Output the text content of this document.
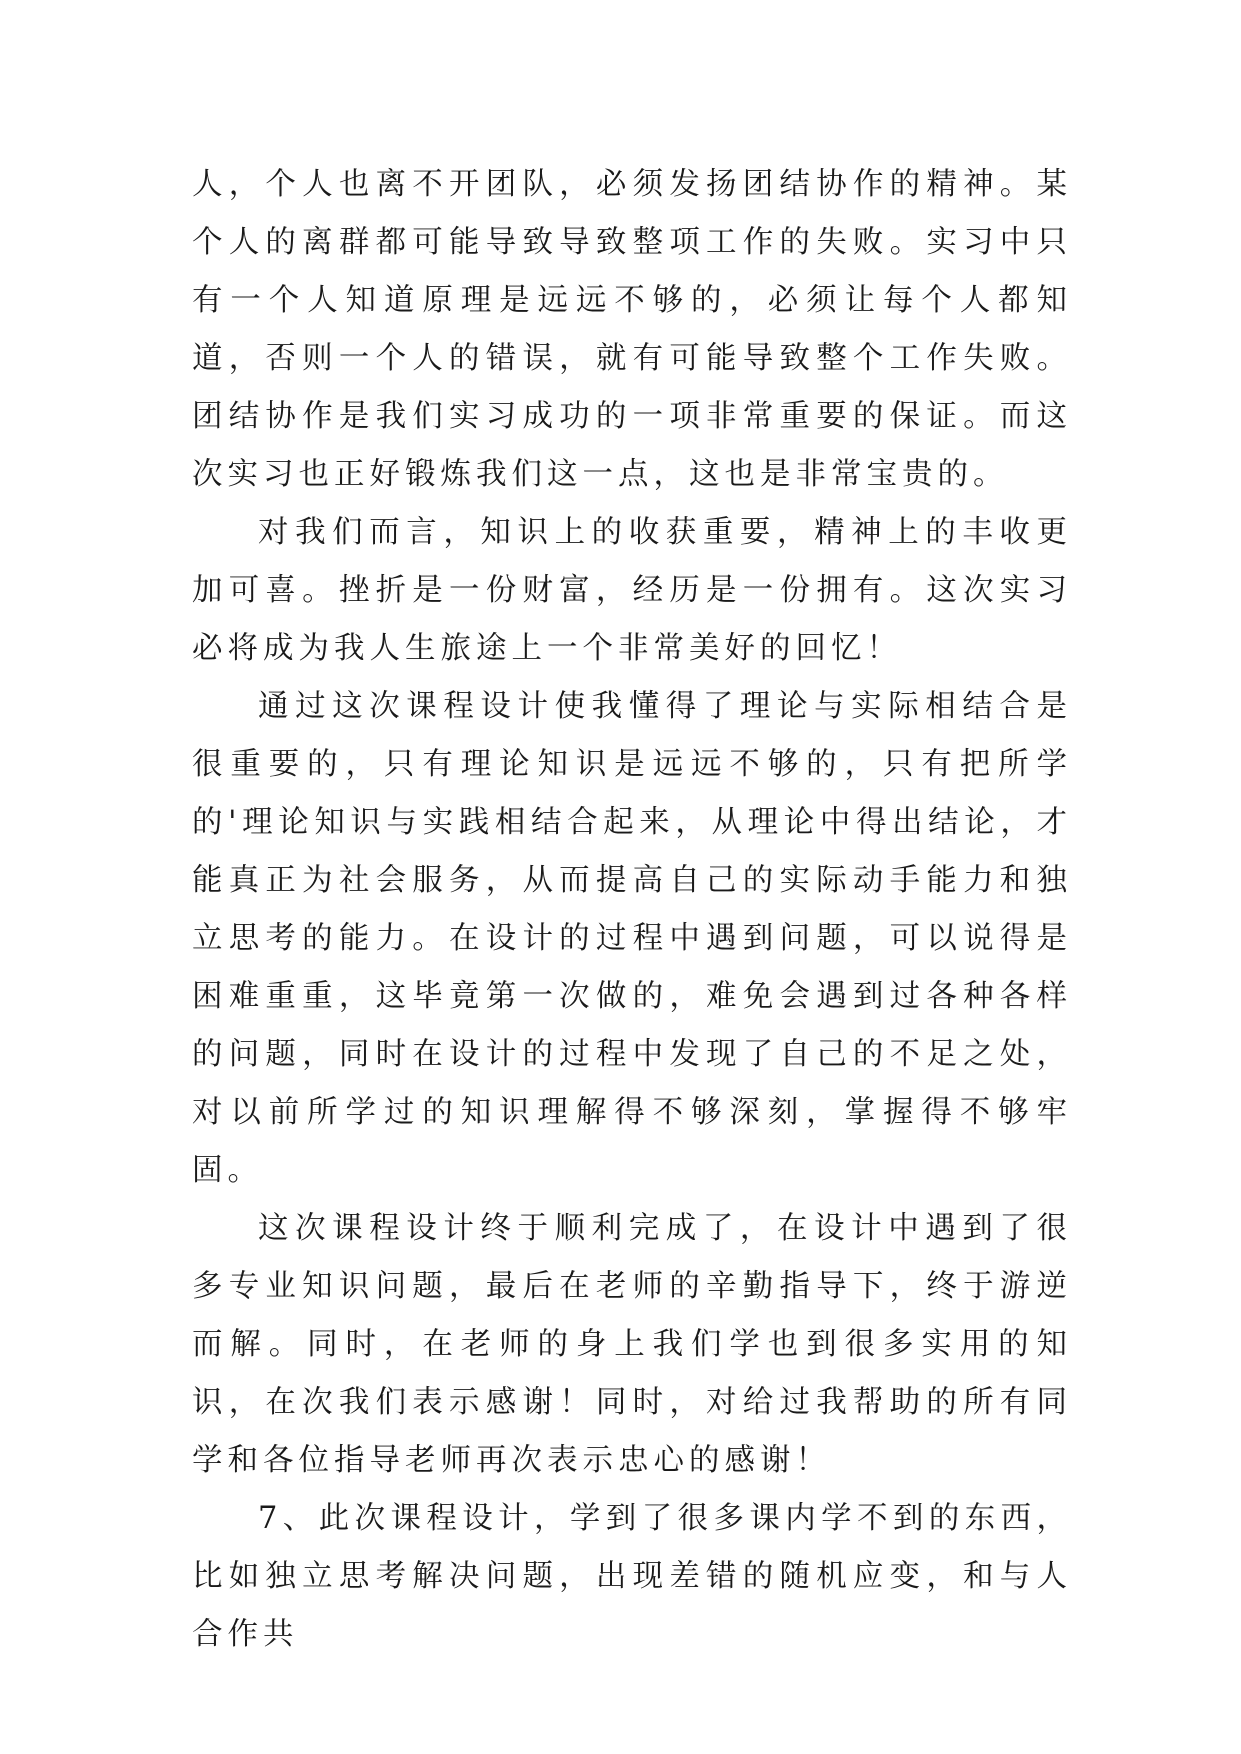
人，个人也离不开团队，必须发扬团结协作的精神。某个人的离群都可能导致导致整项工作的失败。实习中只有一个人知道原理是远远不够的，必须让每个人都知道，否则一个人的错误，就有可能导致整个工作失败。团结协作是我们实习成功的一项非常重要的保证。而这次实习也正好锻炼我们这一点，这也是非常宝贵的。

对我们而言，知识上的收获重要，精神上的丰收更加可喜。挫折是一份财富，经历是一份拥有。这次实习必将成为我人生旅途上一个非常美好的回忆！

通过这次课程设计使我懂得了理论与实际相结合是很重要的，只有理论知识是远远不够的，只有把所学的'理论知识与实践相结合起来，从理论中得出结论，才能真正为社会服务，从而提高自己的实际动手能力和独立思考的能力。在设计的过程中遇到问题，可以说得是困难重重，这毕竟第一次做的，难免会遇到过各种各样的问题，同时在设计的过程中发现了自己的不足之处，对以前所学过的知识理解得不够深刻，掌握得不够牢固。

这次课程设计终于顺利完成了，在设计中遇到了很多专业知识问题，最后在老师的辛勤指导下，终于游逆而解。同时，在老师的身上我们学也到很多实用的知识，在次我们表示感谢！同时，对给过我帮助的所有同学和各位指导老师再次表示忠心的感谢！

7、此次课程设计，学到了很多课内学不到的东西，比如独立思考解决问题，出现差错的随机应变，和与人合作共
